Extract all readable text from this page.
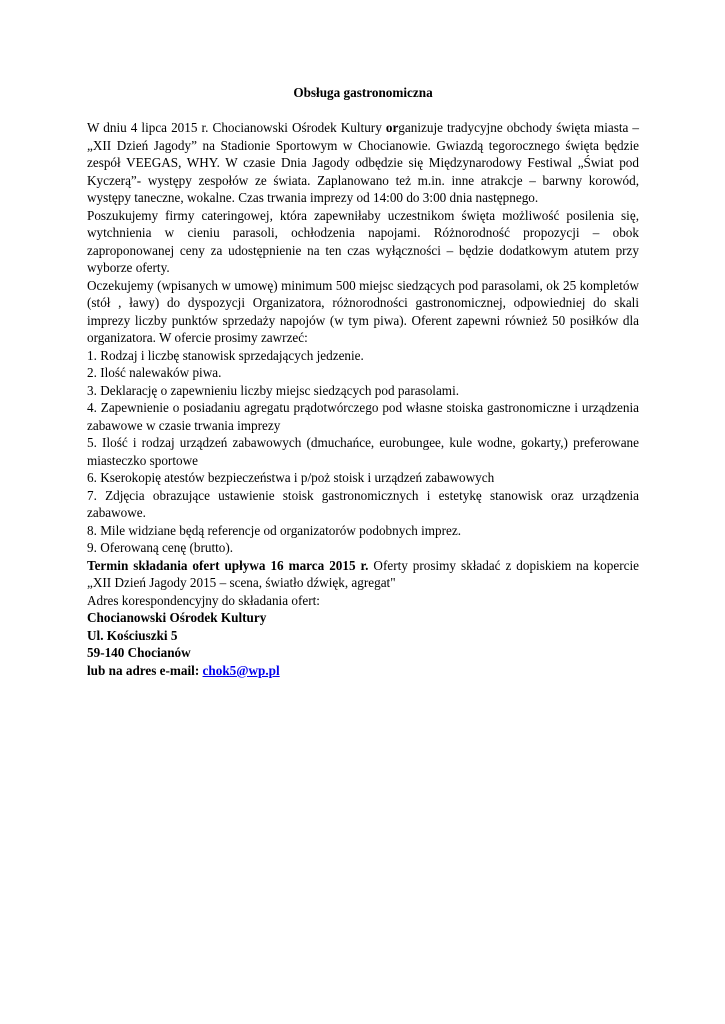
Obsługa gastronomiczna

W dniu 4 lipca 2015 r. Chocianowski Ośrodek Kultury organizuje tradycyjne obchody święta miasta – „XII Dzień Jagody” na Stadionie Sportowym w Chocianowie. Gwiazdą tegorocznego święta będzie zespół VEEGAS, WHY. W czasie Dnia Jagody odbędzie się Międzynarodowy Festiwal „Świat pod Kyczerą”- występy zespołów ze świata. Zaplanowano też m.in. inne atrakcje – barwny korowód, występy taneczne, wokalne. Czas trwania imprezy od 14:00 do 3:00 dnia następnego.

Poszukujemy firmy cateringowej, która zapewniłaby uczestnikom święta możliwość posilenia się, wytchnienia w cieniu parasoli, ochłodzenia napojami. Różnorodność propozycji – obok zaproponowanej ceny za udostępnienie na ten czas wyłączności – będzie dodatkowym atutem przy wyborze oferty.

Oczekujemy (wpisanych w umowę) minimum 500 miejsc siedzących pod parasolami, ok 25 kompletów (stół , ławy) do dyspozycji Organizatora, różnorodności gastronomicznej, odpowiedniej do skali imprezy liczby punktów sprzedaży napojów (w tym piwa). Oferent zapewni również 50 posiłków dla organizatora. W ofercie prosimy zawrzeć:

1. Rodzaj i liczbę stanowisk sprzedających jedzenie.

2. Ilość nalewaków piwa.

3. Deklarację o zapewnieniu liczby miejsc siedzących pod parasolami.

4. Zapewnienie o posiadaniu agregatu prądotwórczego pod własne stoiska gastronomiczne i urządzenia zabawowe w czasie trwania imprezy

5. Ilość i rodzaj urządzeń zabawowych (dmuchańce, eurobungee, kule wodne, gokarty,) preferowane miasteczko sportowe

6. Kserokopię atestów bezpieczeństwa i p/poż stoisk i urządzeń zabawowych

7. Zdjęcia obrazujące ustawienie stoisk gastronomicznych i estetykę stanowisk oraz urządzenia zabawowe.

8. Mile widziane będą referencje od organizatorów podobnych imprez.

9. Oferowaną cenę (brutto).

Termin składania ofert upływa 16 marca 2015 r. Oferty prosimy składać z dopiskiem na kopercie „XII Dzień Jagody 2015 – scena, światło dźwięk, agregat"

Adres korespondencyjny do składania ofert:

Chocianowski Ośrodek Kultury

Ul. Kościuszki 5

59-140 Chocianów

lub na adres e-mail: chok5@wp.pl
